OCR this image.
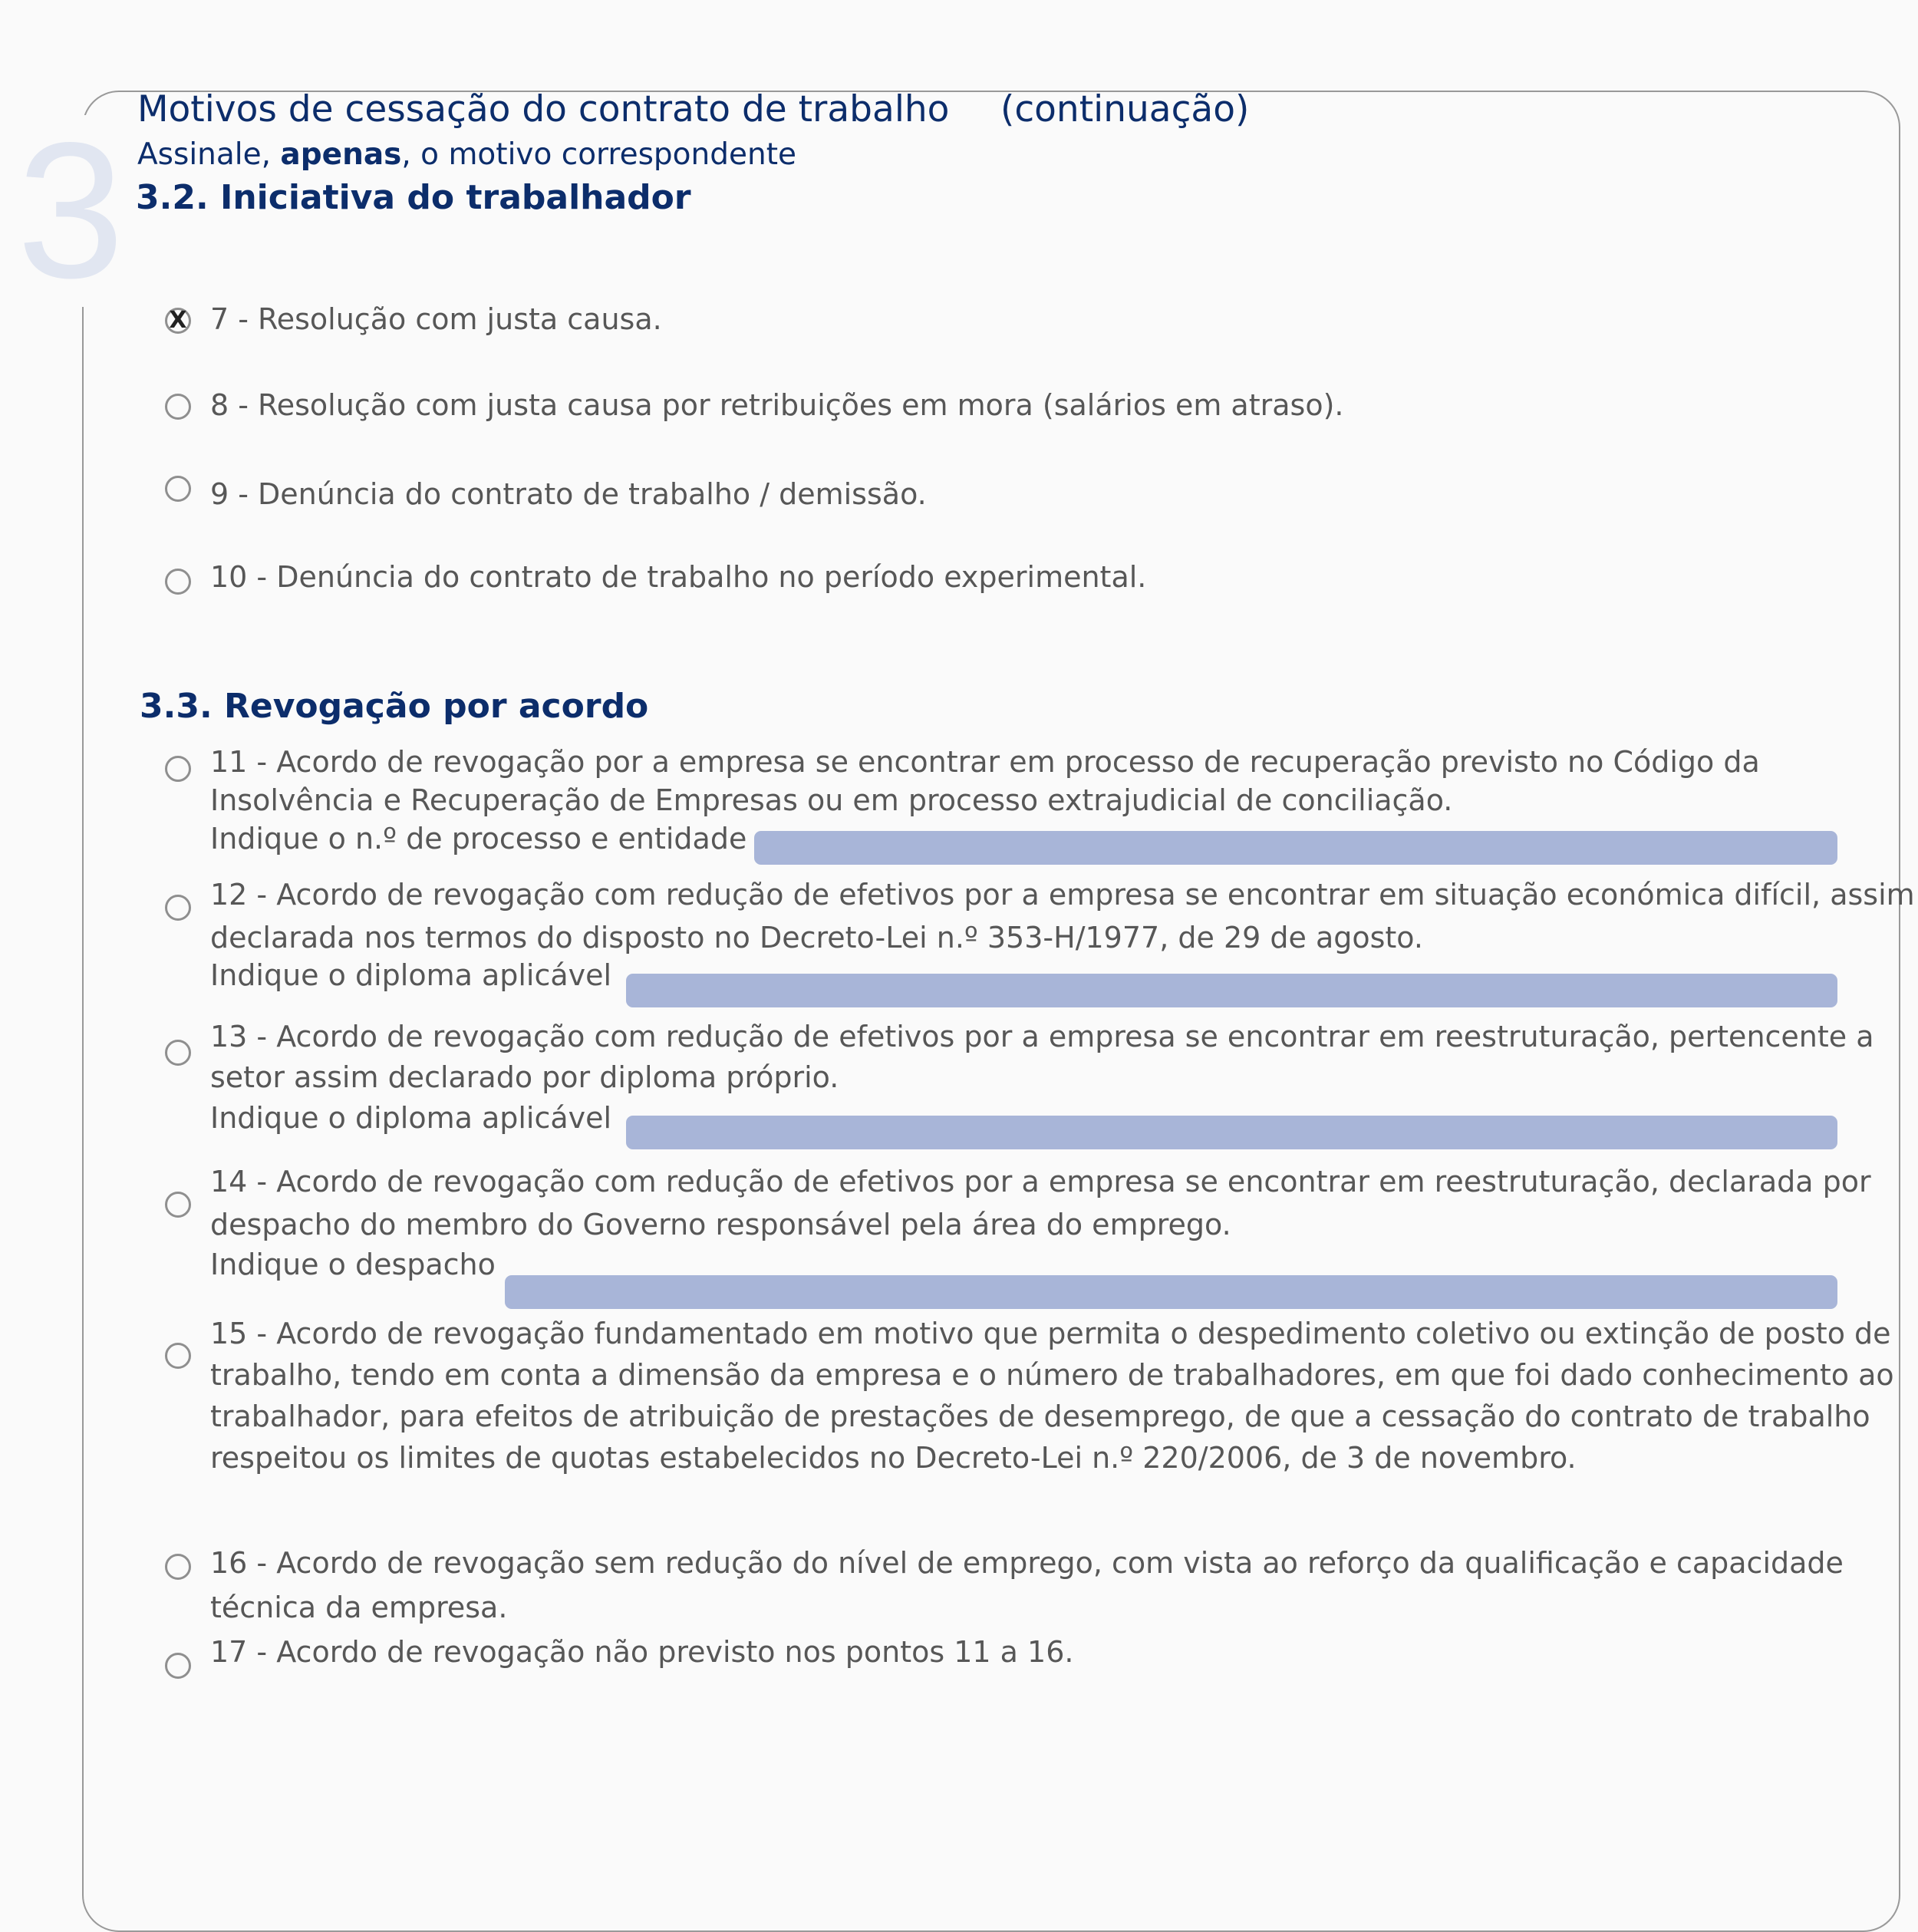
3 Motivos de cessação do contrato de trabalho (continuação)
Assinale, apenas, o motivo correspondente
3.2. Iniciativa do trabalhador
X 7 - Resolução com justa causa.
8 - Resolução com justa causa por retribuições em mora (salários em atraso).
9 - Denúncia do contrato de trabalho / demissão.
10 - Denúncia do contrato de trabalho no período experimental.
3.3. Revogação por acordo
11 - Acordo de revogação por a empresa se encontrar em processo de recuperação previsto no Código da
Insolvência e Recuperação de Empresas ou em processo extrajudicial de conciliação.
Indique o n.º de processo e entidade
12 - Acordo de revogação com redução de efetivos por a empresa se encontrar em situação económica difícil, assim
declarada nos termos do disposto no Decreto-Lei n.º 353-H/1977, de 29 de agosto.
Indique o diploma aplicável
13 - Acordo de revogação com redução de efetivos por a empresa se encontrar em reestruturação, pertencente a
setor assim declarado por diploma próprio.
Indique o diploma aplicável
14 - Acordo de revogação com redução de efetivos por a empresa se encontrar em reestruturação, declarada por
despacho do membro do Governo responsável pela área do emprego.
Indique o despacho
15 - Acordo de revogação fundamentado em motivo que permita o despedimento coletivo ou extinção de posto de
trabalho, tendo em conta a dimensão da empresa e o número de trabalhadores, em que foi dado conhecimento ao
trabalhador, para efeitos de atribuição de prestações de desemprego, de que a cessação do contrato de trabalho
respeitou os limites de quotas estabelecidos no Decreto-Lei n.º 220/2006, de 3 de novembro.
16 - Acordo de revogação sem redução do nível de emprego, com vista ao reforço da qualificação e capacidade
técnica da empresa.
17 - Acordo de revogação não previsto nos pontos 11 a 16.
